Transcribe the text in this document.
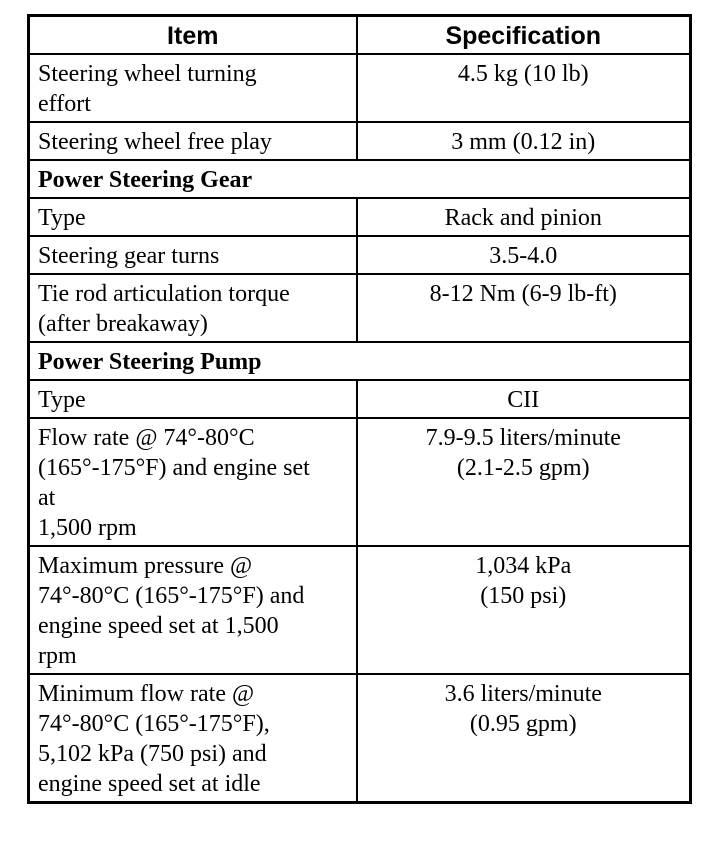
Item	Specification

Steering wheel turning
effort	4.5 kg (10 lb)

Steering wheel free play	3 mm (0.12 in)

Power Steering Gear	

Type	Rack and pinion

Steering gear turns	3.5-4.0

Tie rod articulation torque
(after breakaway)	8-12 Nm (6-9 lb-ft)

Power Steering Pump	

Type	CII

Flow rate @ 74°-80°C
(165°-175°F) and engine set
at
1,500 rpm	7.9-9.5 liters/minute
(2.1-2.5 gpm)

Maximum pressure @
74°-80°C (165°-175°F) and
engine speed set at 1,500
rpm	1,034 kPa
(150 psi)

Minimum flow rate @
74°-80°C (165°-175°F),
5,102 kPa (750 psi) and
engine speed set at idle	3.6 liters/minute
(0.95 gpm)
